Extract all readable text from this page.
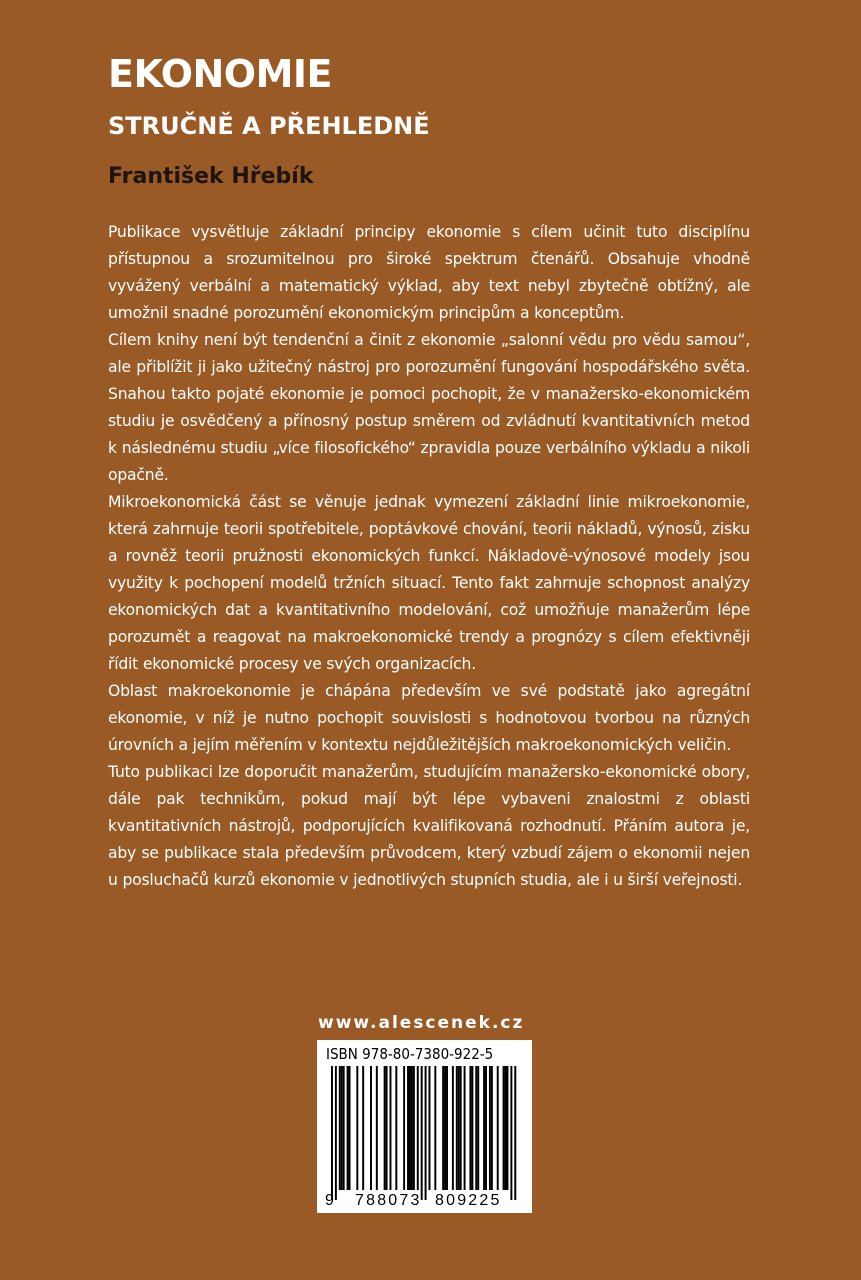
EKONOMIE
STRUČNĚ A PŘEHLEDNĚ
František Hřebík

Publikace vysvětluje základní principy ekonomie s cílem učinit tuto disciplínu přístupnou a srozumitelnou pro široké spektrum čtenářů. Obsahuje vhodně vyvážený verbální a matematický výklad, aby text nebyl zbytečně obtížný, ale umožnil snadné porozumění ekonomickým principům a konceptům.

Cílem knihy není být tendenční a činit z ekonomie „salonní vědu pro vědu samou“, ale přiblížit ji jako užitečný nástroj pro porozumění fungování hospodářského světa. Snahou takto pojaté ekonomie je pomoci pochopit, že v manažersko-ekonomickém studiu je osvědčený a přínosný postup směrem od zvládnutí kvantitativních metod k následnému studiu „více filosofického“ zpravidla pouze verbálního výkladu a nikoli opačně.

Mikroekonomická část se věnuje jednak vymezení základní linie mikroekonomie, která zahrnuje teorii spotřebitele, poptávkové chování, teorii nákladů, výnosů, zisku a rovněž teorii pružnosti ekonomických funkcí. Nákladově-výnosové modely jsou využity k pochopení modelů tržních situací. Tento fakt zahrnuje schopnost analýzy ekonomických dat a kvantitativního modelování, což umožňuje manažerům lépe porozumět a reagovat na makroekonomické trendy a prognózy s cílem efektivněji řídit ekonomické procesy ve svých organizacích.

Oblast makroekonomie je chápána především ve své podstatě jako agregátní ekonomie, v níž je nutno pochopit souvislosti s hodnotovou tvorbou na různých úrovních a jejím měřením v kontextu nejdůležitějších makroekonomických veličin.

Tuto publikaci lze doporučit manažerům, studujícím manažersko-ekonomické obory, dále pak technikům, pokud mají být lépe vybaveni znalostmi z oblasti kvantitativních nástrojů, podporujících kvalifikovaná rozhodnutí. Přáním autora je, aby se publikace stala především průvodcem, který vzbudí zájem o ekonomii nejen u posluchačů kurzů ekonomie v jednotlivých stupních studia, ale i u širší veřejnosti.

www.alescenek.cz
ISBN 978-80-7380-922-5
9 788073 809225
